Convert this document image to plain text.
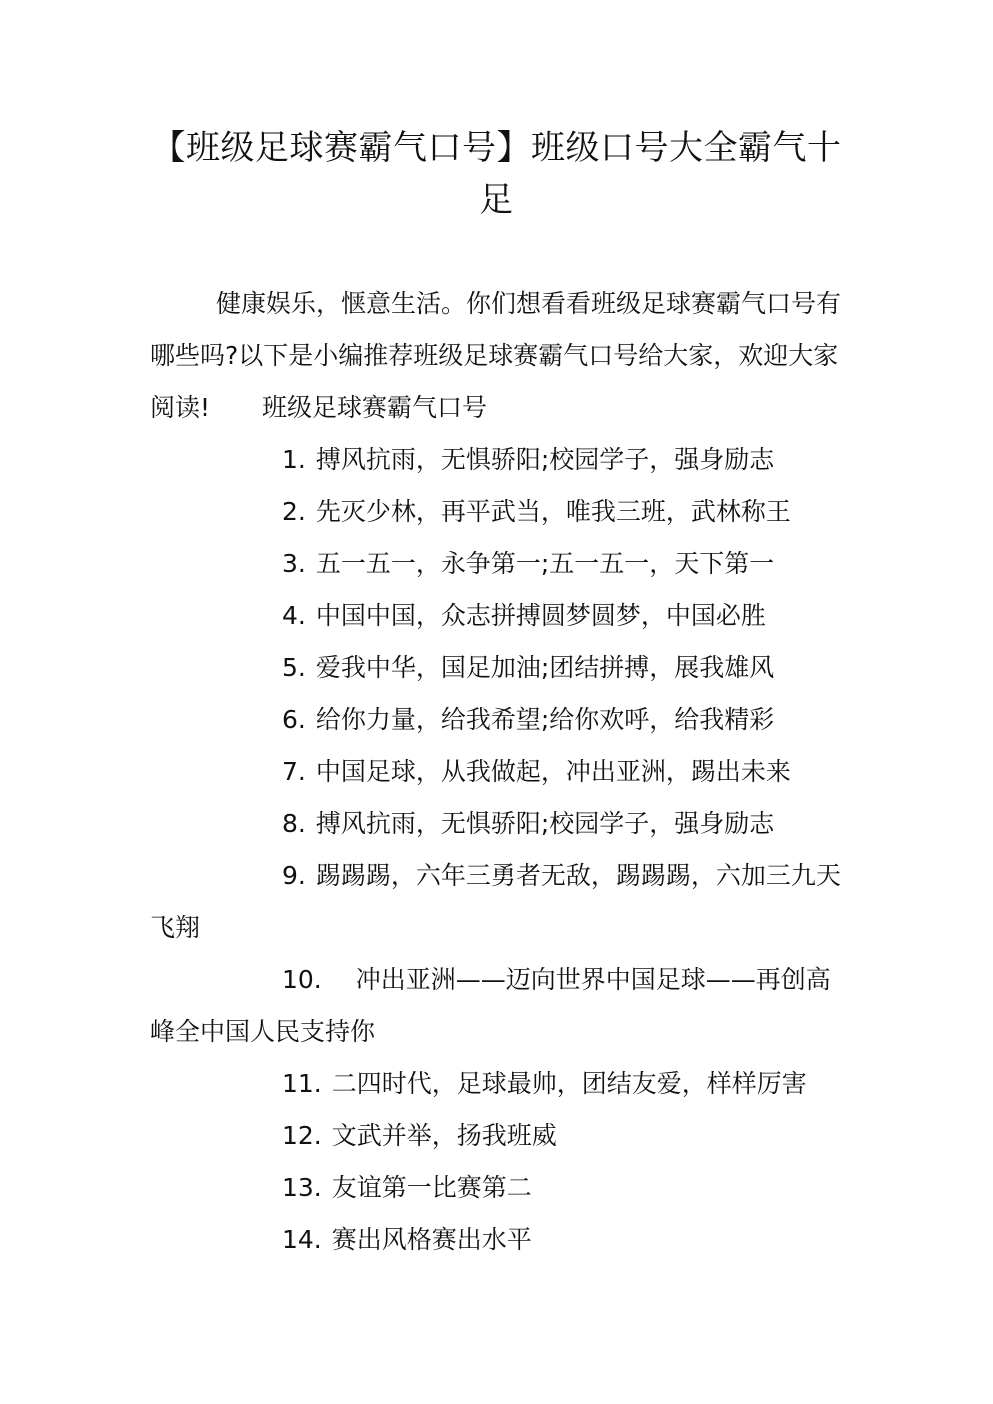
【班级足球赛霸气口号】班级口号大全霸气十足

健康娱乐，惬意生活。你们想看看班级足球赛霸气口号有哪些吗?以下是小编推荐班级足球赛霸气口号给大家，欢迎大家阅读! 班级足球赛霸气口号

1. 搏风抗雨，无惧骄阳;校园学子，强身励志

2. 先灭少林，再平武当，唯我三班，武林称王

3. 五一五一，永争第一;五一五一，天下第一

4. 中国中国，众志拼搏圆梦圆梦，中国必胜

5. 爱我中华，国足加油;团结拼搏，展我雄风

6. 给你力量，给我希望;给你欢呼，给我精彩

7. 中国足球，从我做起，冲出亚洲，踢出未来

8. 搏风抗雨，无惧骄阳;校园学子，强身励志

9. 踢踢踢，六年三勇者无敌，踢踢踢，六加三九天飞翔

10. 冲出亚洲——迈向世界中国足球——再创高峰全中国人民支持你

11. 二四时代，足球最帅，团结友爱，样样厉害

12. 文武并举，扬我班威

13. 友谊第一比赛第二

14. 赛出风格赛出水平
